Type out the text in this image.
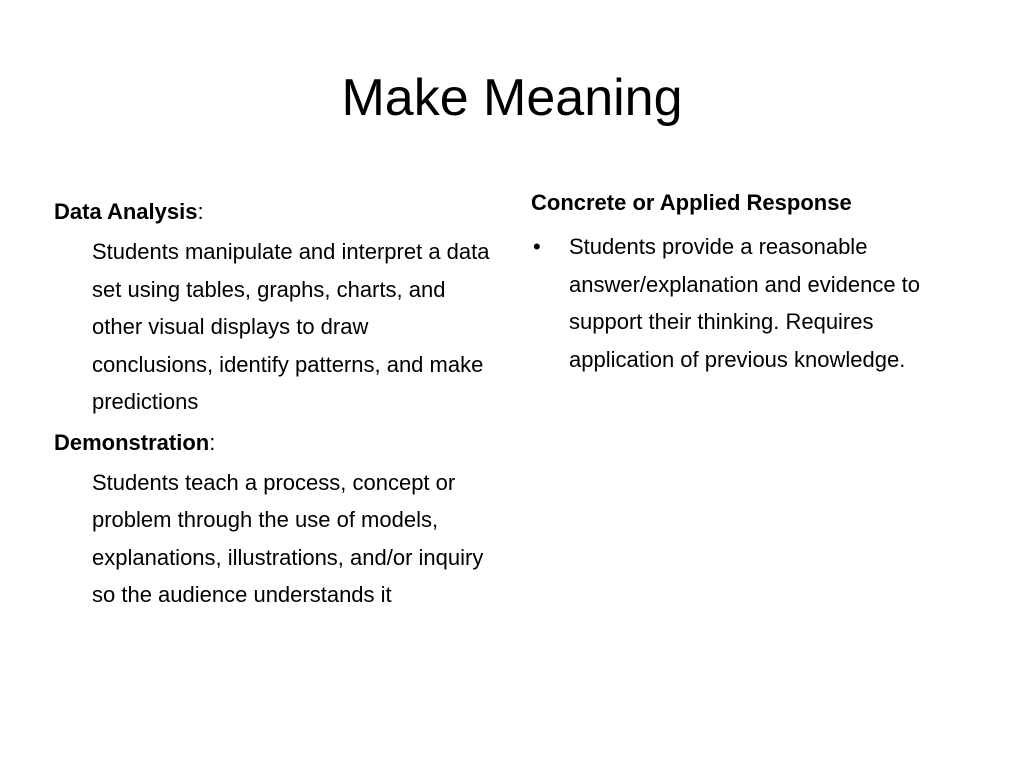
Make Meaning

Data Analysis:

Students manipulate and interpret a data set using tables, graphs, charts, and other visual displays to draw conclusions, identify patterns, and make predictions

Demonstration:

Students teach a process, concept or problem through the use of models, explanations, illustrations, and/or inquiry so the audience understands it

Concrete or Applied Response

• Students provide a reasonable answer/explanation and evidence to support their thinking. Requires application of previous knowledge.
